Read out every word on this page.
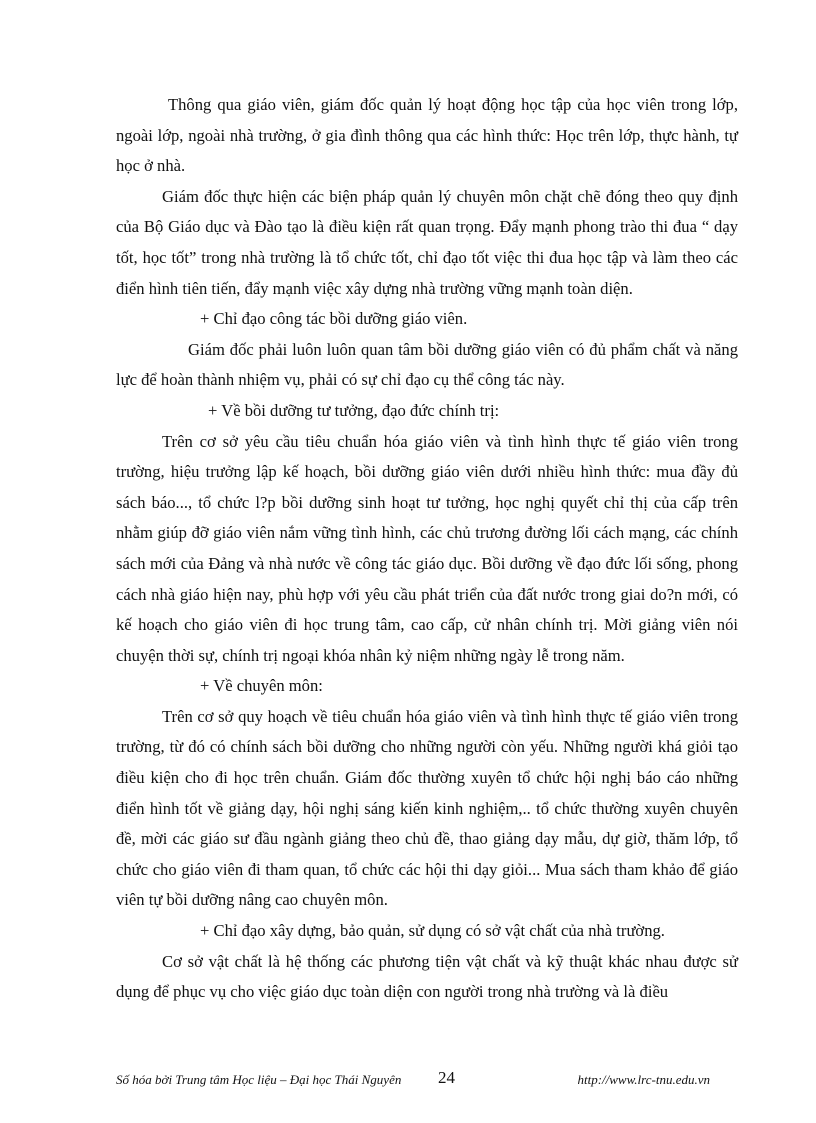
Thông qua giáo viên, giám đốc quản lý hoạt động học tập của học viên trong lớp, ngoài lớp, ngoài nhà trường, ở gia đình thông qua các hình thức: Học trên lớp, thực hành, tự học ở nhà.

Giám đốc thực hiện các biện pháp quản lý chuyên môn chặt chẽ đóng theo quy định của Bộ Giáo dục và Đào tạo là điều kiện rất quan trọng. Đẩy mạnh phong trào thi đua “ dạy tốt, học tốt” trong nhà trường là tổ chức tốt, chỉ đạo tốt việc thi đua học tập và làm theo các điển hình tiên tiến, đẩy mạnh việc xây dựng nhà trường vững mạnh toàn diện.

+ Chỉ đạo công tác bồi dưỡng giáo viên.

Giám đốc phải luôn luôn quan tâm bồi dưỡng giáo viên có đủ phẩm chất và năng lực để hoàn thành nhiệm vụ, phải có sự chỉ đạo cụ thể công tác này.

+ Về bồi dưỡng tư tưởng, đạo đức chính trị:

Trên cơ sở yêu cầu tiêu chuẩn hóa giáo viên và tình hình thực tế giáo viên trong trường, hiệu trưởng lập kế hoạch, bồi dưỡng giáo viên dưới nhiều hình thức: mua đầy đủ sách báo..., tổ chức l?p bồi dưỡng sinh hoạt tư tưởng, học nghị quyết chỉ thị của cấp trên nhằm giúp đỡ giáo viên nắm vững tình hình, các chủ trương đường lối cách mạng, các chính sách mới của Đảng và nhà nước về công tác giáo dục. Bồi dưỡng về đạo đức lối sống, phong cách nhà giáo hiện nay, phù hợp với yêu cầu phát triển của đất nước trong giai do?n mới, có kế hoạch cho giáo viên đi học trung tâm, cao cấp, cử nhân chính trị. Mời giảng viên nói chuyện thời sự, chính trị ngoại khóa nhân kỷ niệm những ngày lễ trong năm.

+ Về chuyên môn:

Trên cơ sở quy hoạch về tiêu chuẩn hóa giáo viên và tình hình thực tế giáo viên trong trường, từ đó có chính sách bồi dưỡng cho những người còn yếu. Những người khá giỏi tạo điều kiện cho đi học trên chuẩn. Giám đốc thường xuyên tổ chức hội nghị báo cáo những điển hình tốt về giảng dạy, hội nghị sáng kiến kinh nghiệm,.. tổ chức thường xuyên chuyên đề, mời các giáo sư đầu ngành giảng theo chủ đề, thao giảng dạy mẫu, dự giờ, thăm lớp, tổ chức cho giáo viên đi tham quan, tổ chức các hội thi dạy giỏi... Mua sách tham khảo để giáo viên tự bồi dưỡng nâng cao chuyên môn.

+ Chỉ đạo xây dựng, bảo quản, sử dụng có sở vật chất của nhà trường.

Cơ sở vật chất là hệ thống các phương tiện vật chất và kỹ thuật khác nhau được sử dụng để phục vụ cho việc giáo dục toàn diện con người trong nhà trường và là điều

Số hóa bởi Trung tâm Học liệu – Đại học Thái Nguyên 24	http://www.lrc-tnu.edu.vn
